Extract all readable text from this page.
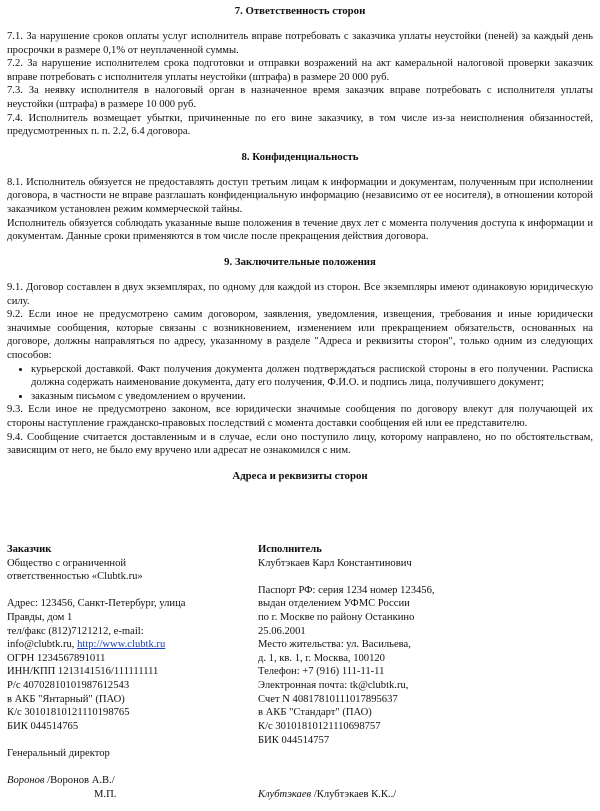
7. Ответственность сторон

7.1. За нарушение сроков оплаты услуг исполнитель вправе потребовать с заказчика уплаты неустойки (пеней) за каждый день просрочки в размере 0,1% от неуплаченной суммы.

7.2. За нарушение исполнителем срока подготовки и отправки возражений на акт камеральной налоговой проверки заказчик вправе потребовать с исполнителя уплаты неустойки (штрафа) в размере 20 000 руб.

7.3. За неявку исполнителя в налоговый орган в назначенное время заказчик вправе потребовать с исполнителя уплаты неустойки (штрафа) в размере 10 000 руб.

7.4. Исполнитель возмещает убытки, причиненные по его вине заказчику, в том числе из-за неисполнения обязанностей, предусмотренных п. п. 2.2, 6.4 договора.

8. Конфиденциальность

8.1. Исполнитель обязуется не предоставлять доступ третьим лицам к информации и документам, полученным при исполнении договора, в частности не вправе разглашать конфиденциальную информацию (независимо от ее носителя), в отношении которой заказчиком установлен режим коммерческой тайны.

Исполнитель обязуется соблюдать указанные выше положения в течение двух лет с момента получения доступа к информации и документам. Данные сроки применяются в том числе после прекращения действия договора.

9. Заключительные положения

9.1. Договор составлен в двух экземплярах, по одному для каждой из сторон. Все экземпляры имеют одинаковую юридическую силу.

9.2. Если иное не предусмотрено самим договором, заявления, уведомления, извещения, требования и иные юридически значимые сообщения, которые связаны с возникновением, изменением или прекращением обязательств, основанных на договоре, должны направляться по адресу, указанному в разделе "Адреса и реквизиты сторон", только одним из следующих способов:

• курьерской доставкой. Факт получения документа должен подтверждаться распиской стороны в его получении. Расписка должна содержать наименование документа, дату его получения, Ф.И.О. и подпись лица, получившего документ;
• заказным письмом с уведомлением о вручении.

9.3. Если иное не предусмотрено законом, все юридически значимые сообщения по договору влекут для получающей их стороны наступление гражданско-правовых последствий с момента доставки сообщения ей или ее представителю.

9.4. Сообщение считается доставленным и в случае, если оно поступило лицу, которому направлено, но по обстоятельствам, зависящим от него, не было ему вручено или адресат не ознакомился с ним.

Адреса и реквизиты сторон
Заказчик
Общество с ограниченной
ответственностью «Clubtk.ru»
Адрес: 123456, Санкт-Петербург, улица
Правды, дом 1
тел/факс (812)7121212, e-mail:
info@clubtk.ru, http://www.clubtk.ru
ОГРН 1234567891011
ИНН/КПП 1213141516/111111111
Р/с 40702810101987612543
в АКБ "Янтарный" (ПАО)
К/с 30101810121110198765
БИК 044514765
Генеральный директор
Воронов /Воронов А.В./
М.П.
Исполнитель
Клубтэкаев Карл Константинович
Паспорт РФ: серия 1234 номер 123456,
выдан отделением УФМС России
по г. Москве по району Останкино
25.06.2001
Место жительства: ул. Васильева,
д. 1, кв. 1, г. Москва, 100120
Телефон: +7 (916) 111-11-11
Электронная почта: tk@clubtk.ru,
Счет N 40817810111017895637
в АКБ "Стандарт" (ПАО)
К/с 30101810121110698757
БИК 044514757
Клубтэкаев /Клубтэкаев К.К../
